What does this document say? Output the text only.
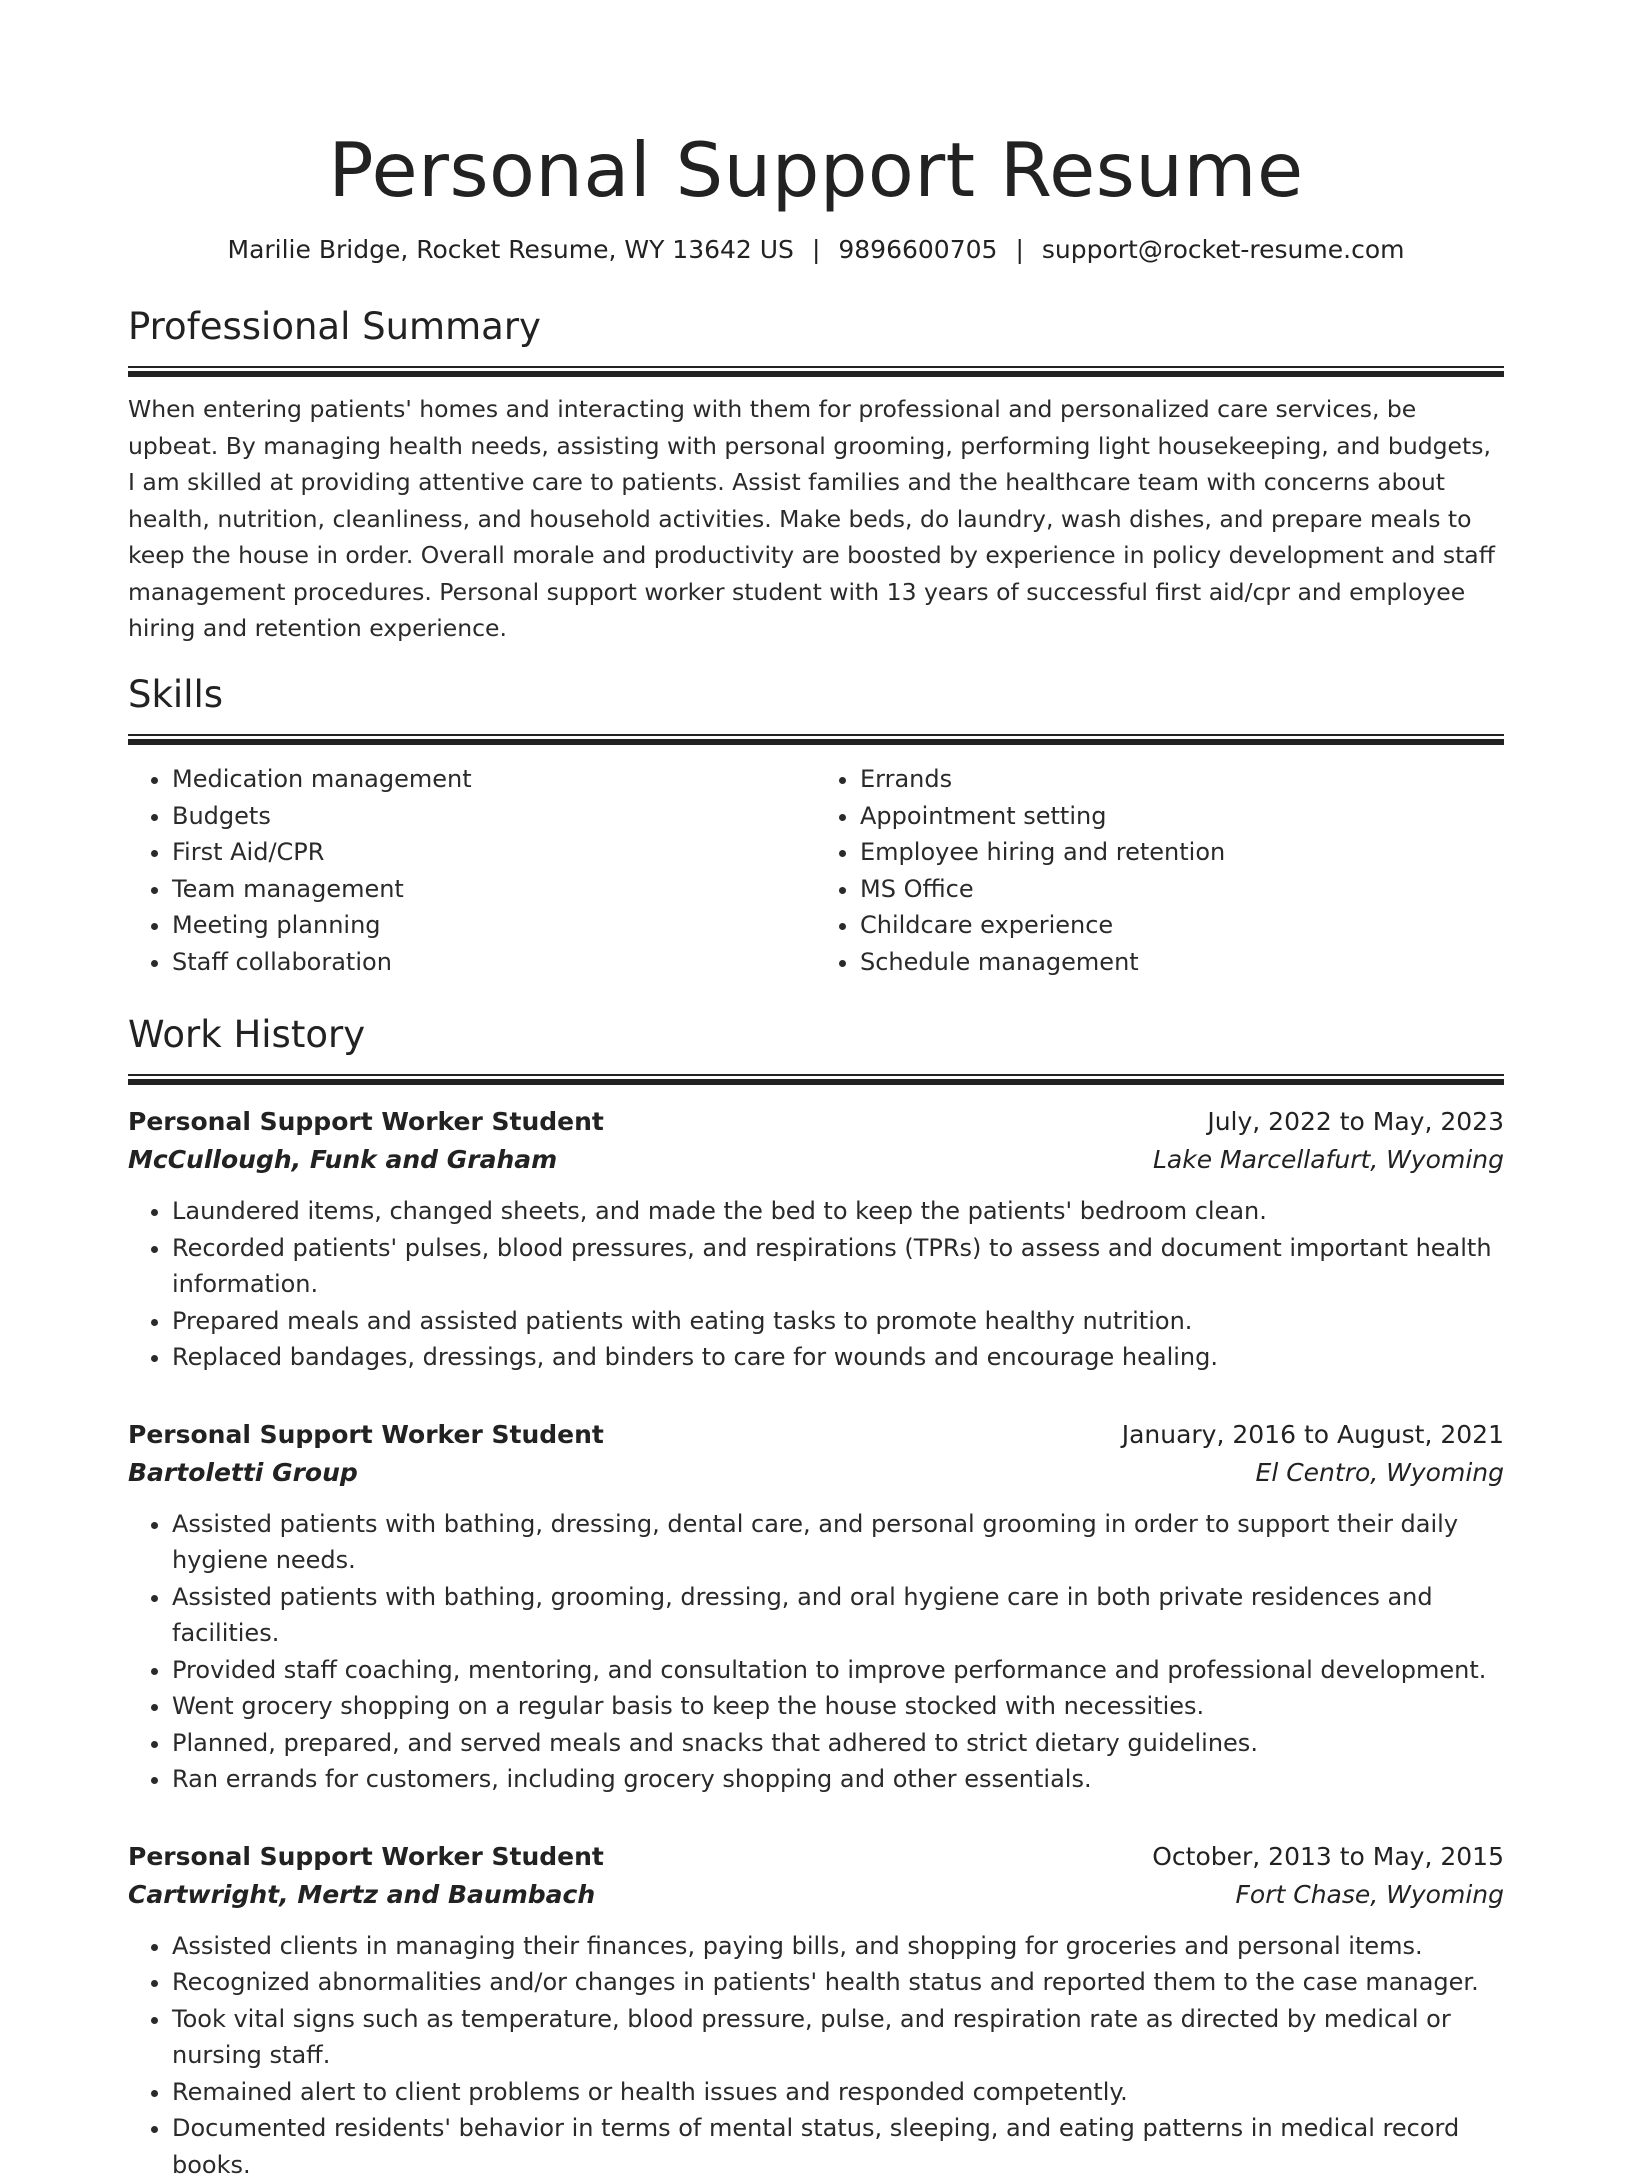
Personal Support Resume
Marilie Bridge, Rocket Resume, WY 13642 US | 9896600705 | support@rocket-resume.com
Professional Summary

When entering patients' homes and interacting with them for professional and personalized care services, be upbeat. By managing health needs, assisting with personal grooming, performing light housekeeping, and budgets, I am skilled at providing attentive care to patients. Assist families and the healthcare team with concerns about health, nutrition, cleanliness, and household activities. Make beds, do laundry, wash dishes, and prepare meals to keep the house in order. Overall morale and productivity are boosted by experience in policy development and staff management procedures. Personal support worker student with 13 years of successful first aid/cpr and employee hiring and retention experience.

Skills
• Medication management
• Budgets
• First Aid/CPR
• Team management
• Meeting planning
• Staff collaboration
• Errands
• Appointment setting
• Employee hiring and retention
• MS Office
• Childcare experience
• Schedule management
Work History
Personal Support Worker Student	July, 2022 to May, 2023
McCullough, Funk and Graham	Lake Marcellafurt, Wyoming
• Laundered items, changed sheets, and made the bed to keep the patients' bedroom clean.
• Recorded patients' pulses, blood pressures, and respirations (TPRs) to assess and document important health information.
• Prepared meals and assisted patients with eating tasks to promote healthy nutrition.
• Replaced bandages, dressings, and binders to care for wounds and encourage healing.
Personal Support Worker Student	January, 2016 to August, 2021
Bartoletti Group	El Centro, Wyoming
• Assisted patients with bathing, dressing, dental care, and personal grooming in order to support their daily hygiene needs.
• Assisted patients with bathing, grooming, dressing, and oral hygiene care in both private residences and facilities.
• Provided staff coaching, mentoring, and consultation to improve performance and professional development.
• Went grocery shopping on a regular basis to keep the house stocked with necessities.
• Planned, prepared, and served meals and snacks that adhered to strict dietary guidelines.
• Ran errands for customers, including grocery shopping and other essentials.
Personal Support Worker Student	October, 2013 to May, 2015
Cartwright, Mertz and Baumbach	Fort Chase, Wyoming
• Assisted clients in managing their finances, paying bills, and shopping for groceries and personal items.
• Recognized abnormalities and/or changes in patients' health status and reported them to the case manager.
• Took vital signs such as temperature, blood pressure, pulse, and respiration rate as directed by medical or nursing staff.
• Remained alert to client problems or health issues and responded competently.
• Documented residents' behavior in terms of mental status, sleeping, and eating patterns in medical record books.
